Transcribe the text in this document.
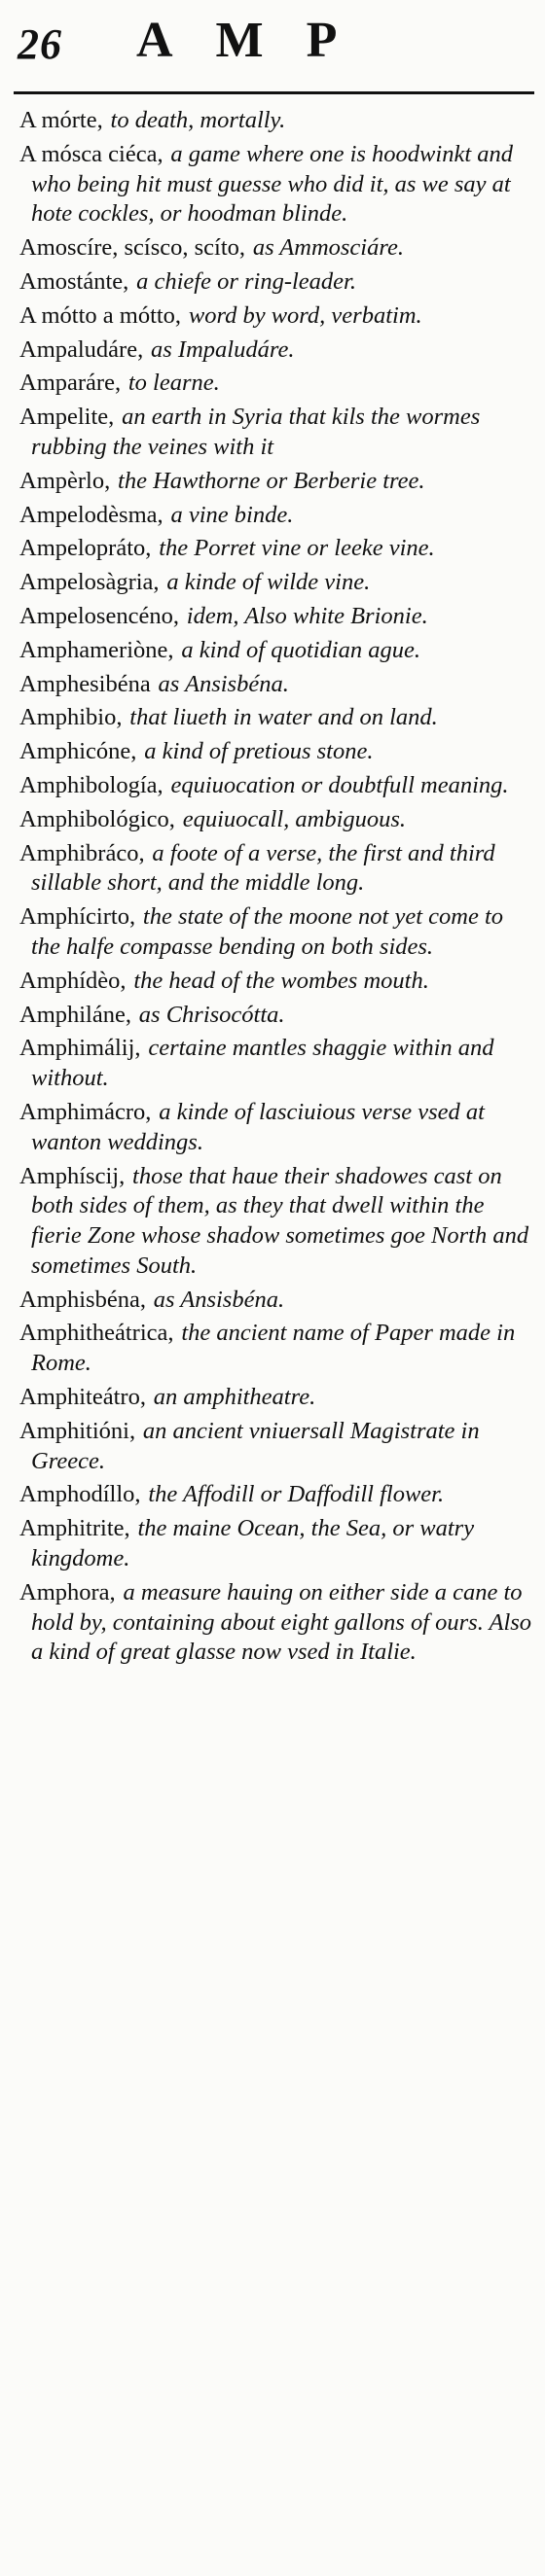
26 AMP
A mórte, to death, mortally.
A mósca ciéca, a game where one is hoodwinkt and who being hit must guesse who did it, as we say at hote cockles, or hoodman blinde.
Amoscíre, scísco, scíto, as Ammosciáre.
Amostánte, a chiefe or ring-leader.
A mótto a mótto, word by word, verbatim.
Ampaludáre, as Impaludáre.
Amparáre, to learne.
Ampelite, an earth in Syria that kils the wormes rubbing the veines with it
Ampèrlo, the Hawthorne or Berberie tree.
Ampelodèsma, a vine binde.
Ampelopráto, the Porret vine or leeke vine.
Ampelosàgria, a kinde of wilde vine.
Ampelosencéno, idem, Also white Brionie.
Amphameriòne, a kind of quotidian ague.
Amphesibéna as Ansisbéna.
Amphibio, that liueth in water and on land.
Amphicóne, a kind of pretious stone.
Amphibología, equiuocation or doubtfull meaning.
Amphibológico, equiuocall, ambiguous.
Amphibráco, a foote of a verse, the first and third sillable short, and the middle long.
Amphícirto, the state of the moone not yet come to the halfe compasse bending on both sides.
Amphídèo, the head of the wombes mouth.
Amphiláne, as Chrisocótta.
Amphimálij, certaine mantles shaggie within and without.
Amphimácro, a kinde of lasciuious verse vsed at wanton weddings.
Amphíscij, those that haue their shadowes cast on both sides of them, as they that dwell within the fierie Zone whose shadow sometimes goe North and sometimes South.
Amphisbéna, as Ansisbéna.
Amphitheátrica, the ancient name of Paper made in Rome.
Amphiteátro, an amphitheatre.
Amphitióni, an ancient vniuersall Magistrate in Greece.
Amphodíllo, the Affodill or Daffodill flower.
Amphitrite, the maine Ocean, the Sea, or watry kingdome.
Amphora, a measure hauing on either side a cane to hold by, containing about eight gallons of ours. Also a kind of great glasse now vsed in Italie.
